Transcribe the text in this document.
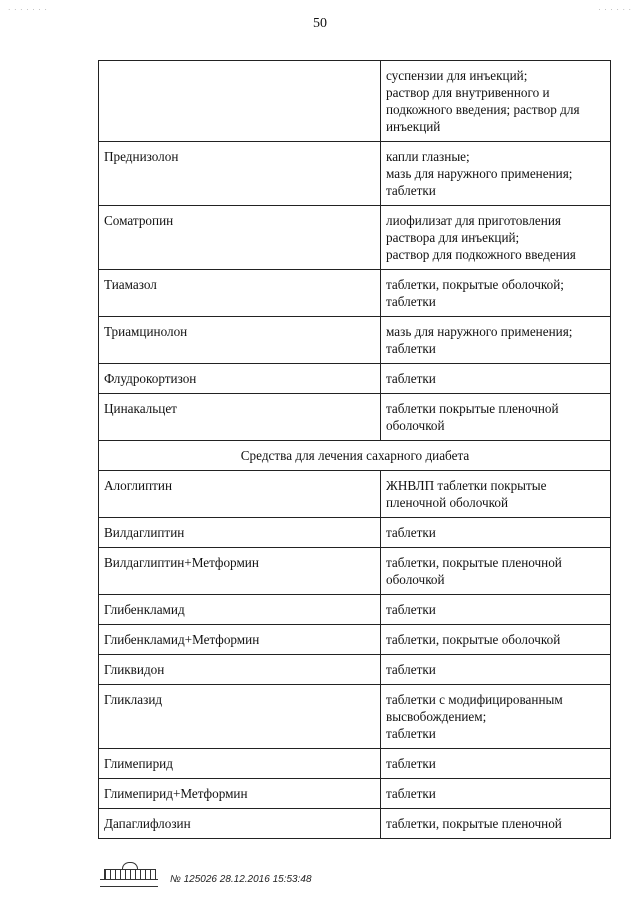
· · · · · · ·	· · · · · ·
50
	суспензии для инъекций;
раствор для внутривенного и подкожного введения; раствор для инъекций
Преднизолон	капли глазные;
мазь для наружного применения;
таблетки
Соматропин	лиофилизат для приготовления раствора для инъекций;
раствор для подкожного введения
Тиамазол	таблетки, покрытые оболочкой;
таблетки
Триамцинолон	мазь для наружного применения;
таблетки
Флудрокортизон	таблетки
Цинакальцет	таблетки покрытые пленочной оболочкой
Средства для лечения сахарного диабета	
Алоглиптин	ЖНВЛП таблетки покрытые пленочной оболочкой
Вилдаглиптин	таблетки
Вилдаглиптин+Метформин	таблетки, покрытые пленочной оболочкой
Глибенкламид	таблетки
Глибенкламид+Метформин	таблетки, покрытые оболочкой
Гликвидон	таблетки
Гликлазид	таблетки с модифицированным высвобождением;
таблетки
Глимепирид	таблетки
Глимепирид+Метформин	таблетки
Дапаглифлозин	таблетки, покрытые пленочной
№ 125026 28.12.2016 15:53:48
